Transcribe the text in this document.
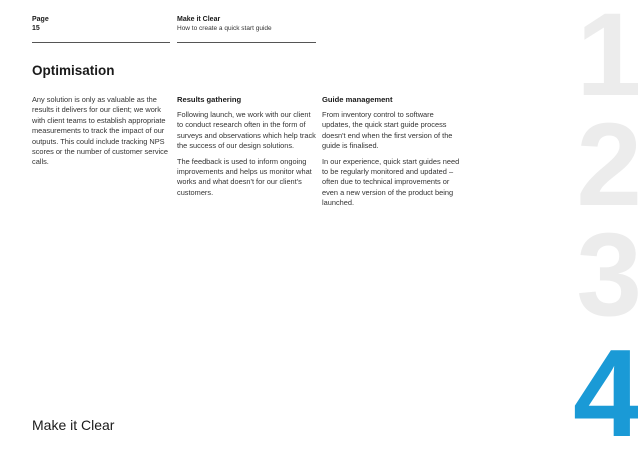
Page
15
Make it Clear
How to create a quick start guide
Optimisation

Any solution is only as valuable as the results it delivers for our client; we work with client teams to establish appropriate measurements to track the impact of our outputs. This could include tracking NPS scores or the number of customer service calls.

Results gathering

Following launch, we work with our client to conduct research often in the form of surveys and observations which help track the success of our design solutions.

The feedback is used to inform ongoing improvements and helps us monitor what works and what doesn't for our client's customers.

Guide management

From inventory control to software updates, the quick start guide process doesn't end when the first version of the guide is finalised.

In our experience, quick start guides need to be regularly monitored and updated – often due to technical improvements or even a new version of the product being launched.

Make it Clear
1
2
3
4
